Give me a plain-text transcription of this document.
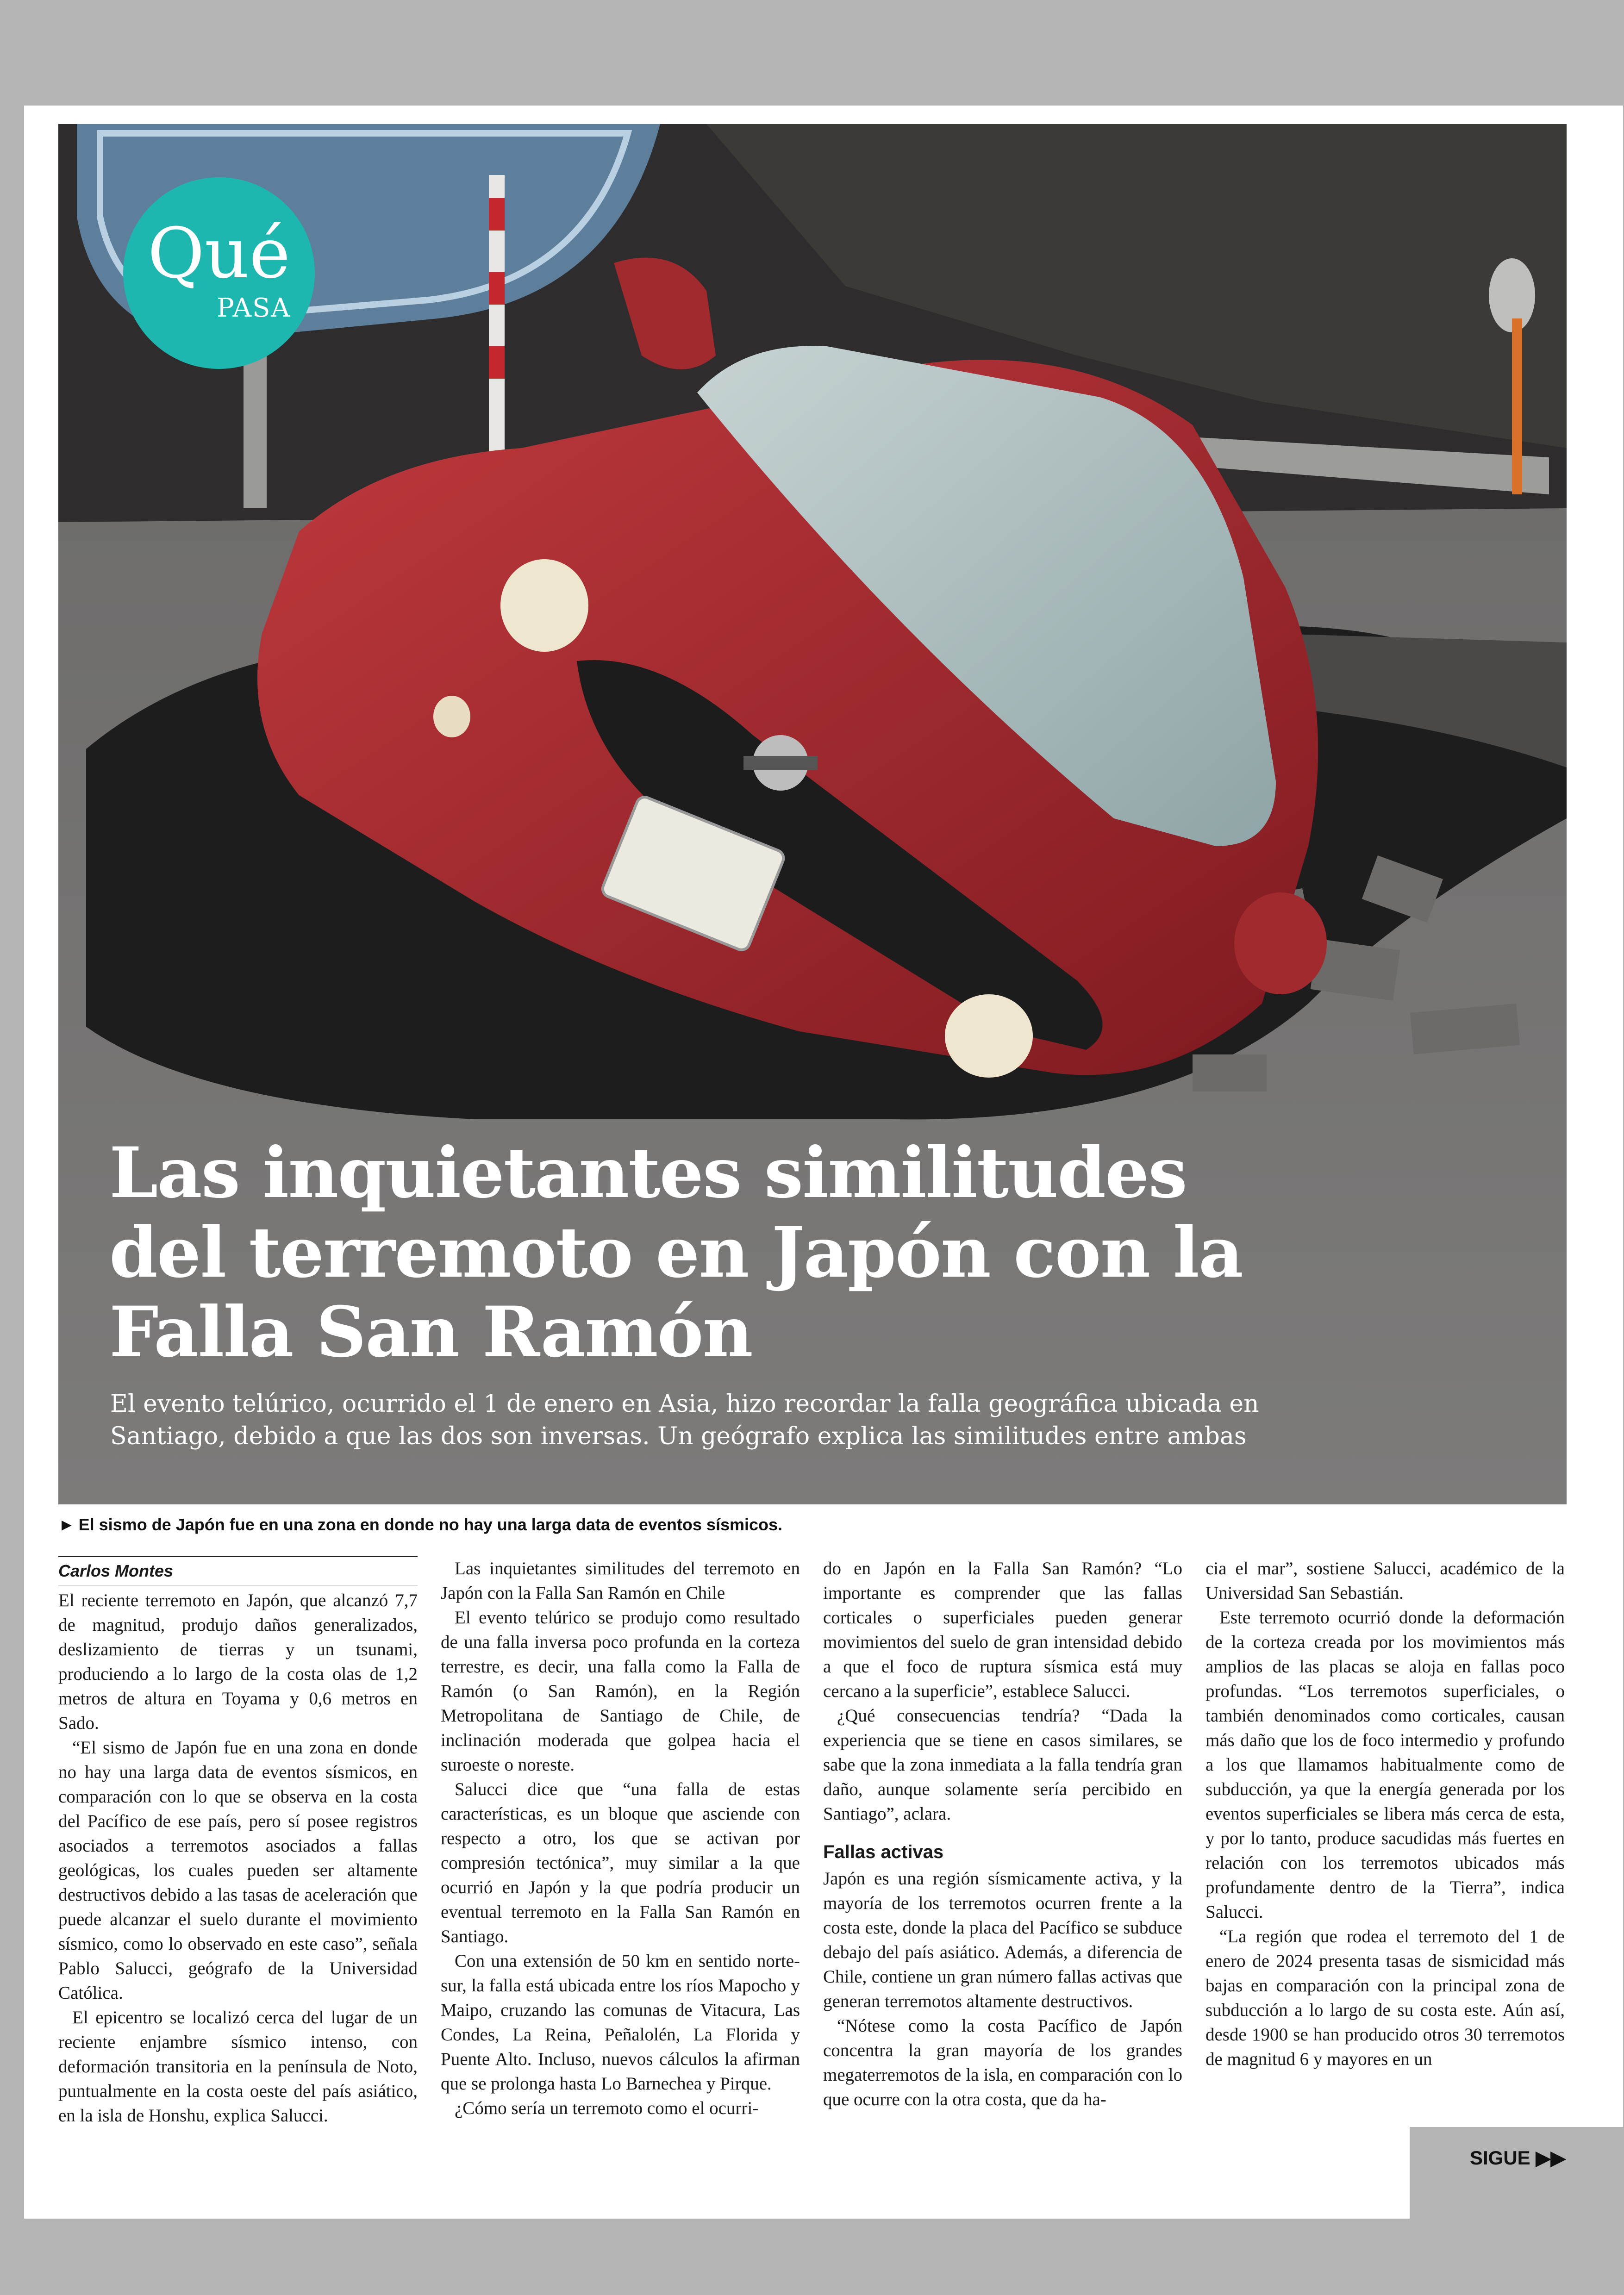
Qué
PASA
Las inquietantes similitudes del terremoto en Japón con la Falla San Ramón

El evento telúrico, ocurrido el 1 de enero en Asia, hizo recordar la falla geográfica ubicada en Santiago, debido a que las dos son inversas. Un geógrafo explica las similitudes entre ambas

► El sismo de Japón fue en una zona en donde no hay una larga data de eventos sísmicos.
Carlos Montes

El reciente terremoto en Japón, que alcanzó 7,7 de magnitud, produjo daños generalizados, deslizamiento de tierras y un tsunami, produciendo a lo largo de la costa olas de 1,2 metros de altura en Toyama y 0,6 metros en Sado.

“El sismo de Japón fue en una zona en donde no hay una larga data de eventos sísmicos, en comparación con lo que se observa en la costa del Pacífico de ese país, pero sí posee registros asociados a terremotos asociados a fallas geológicas, los cuales pueden ser altamente destructivos debido a las tasas de aceleración que puede alcanzar el suelo durante el movimiento sísmico, como lo observado en este caso”, señala Pablo Salucci, geógrafo de la Universidad Católica.

El epicentro se localizó cerca del lugar de un reciente enjambre sísmico intenso, con deformación transitoria en la península de Noto, puntualmente en la costa oeste del país asiático, en la isla de Honshu, explica Salucci.

Las inquietantes similitudes del terremoto en Japón con la Falla San Ramón en Chile

El evento telúrico se produjo como resultado de una falla inversa poco profunda en la corteza terrestre, es decir, una falla como la Falla de Ramón (o San Ramón), en la Región Metropolitana de Santiago de Chile, de inclinación moderada que golpea hacia el suroeste o noreste.

Salucci dice que “una falla de estas características, es un bloque que asciende con respecto a otro, los que se activan por compresión tectónica”, muy similar a la que ocurrió en Japón y la que podría producir un eventual terremoto en la Falla San Ramón en Santiago.

Con una extensión de 50 km en sentido norte-sur, la falla está ubicada entre los ríos Mapocho y Maipo, cruzando las comunas de Vitacura, Las Condes, La Reina, Peñalolén, La Florida y Puente Alto. Incluso, nuevos cálculos la afirman que se prolonga hasta Lo Barnechea y Pirque.

¿Cómo sería un terremoto como el ocurri-

do en Japón en la Falla San Ramón? “Lo importante es comprender que las fallas corticales o superficiales pueden generar movimientos del suelo de gran intensidad debido a que el foco de ruptura sísmica está muy cercano a la superficie”, establece Salucci.

¿Qué consecuencias tendría? “Dada la experiencia que se tiene en casos similares, se sabe que la zona inmediata a la falla tendría gran daño, aunque solamente sería percibido en Santiago”, aclara.

Fallas activas

Japón es una región sísmicamente activa, y la mayoría de los terremotos ocurren frente a la costa este, donde la placa del Pacífico se subduce debajo del país asiático. Además, a diferencia de Chile, contiene un gran número fallas activas que generan terremotos altamente destructivos.

“Nótese como la costa Pacífico de Japón concentra la gran mayoría de los grandes megaterremotos de la isla, en comparación con lo que ocurre con la otra costa, que da ha-

cia el mar”, sostiene Salucci, académico de la Universidad San Sebastián.

Este terremoto ocurrió donde la deformación de la corteza creada por los movimientos más amplios de las placas se aloja en fallas poco profundas. “Los terremotos superficiales, o también denominados como corticales, causan más daño que los de foco intermedio y profundo a los que llamamos habitualmente como de subducción, ya que la energía generada por los eventos superficiales se libera más cerca de esta, y por lo tanto, produce sacudidas más fuertes en relación con los terremotos ubicados más profundamente dentro de la Tierra”, indica Salucci.

“La región que rodea el terremoto del 1 de enero de 2024 presenta tasas de sismicidad más bajas en comparación con la principal zona de subducción a lo largo de su costa este. Aún así, desde 1900 se han producido otros 30 terremotos de magnitud 6 y mayores en un

SIGUE ▶▶
